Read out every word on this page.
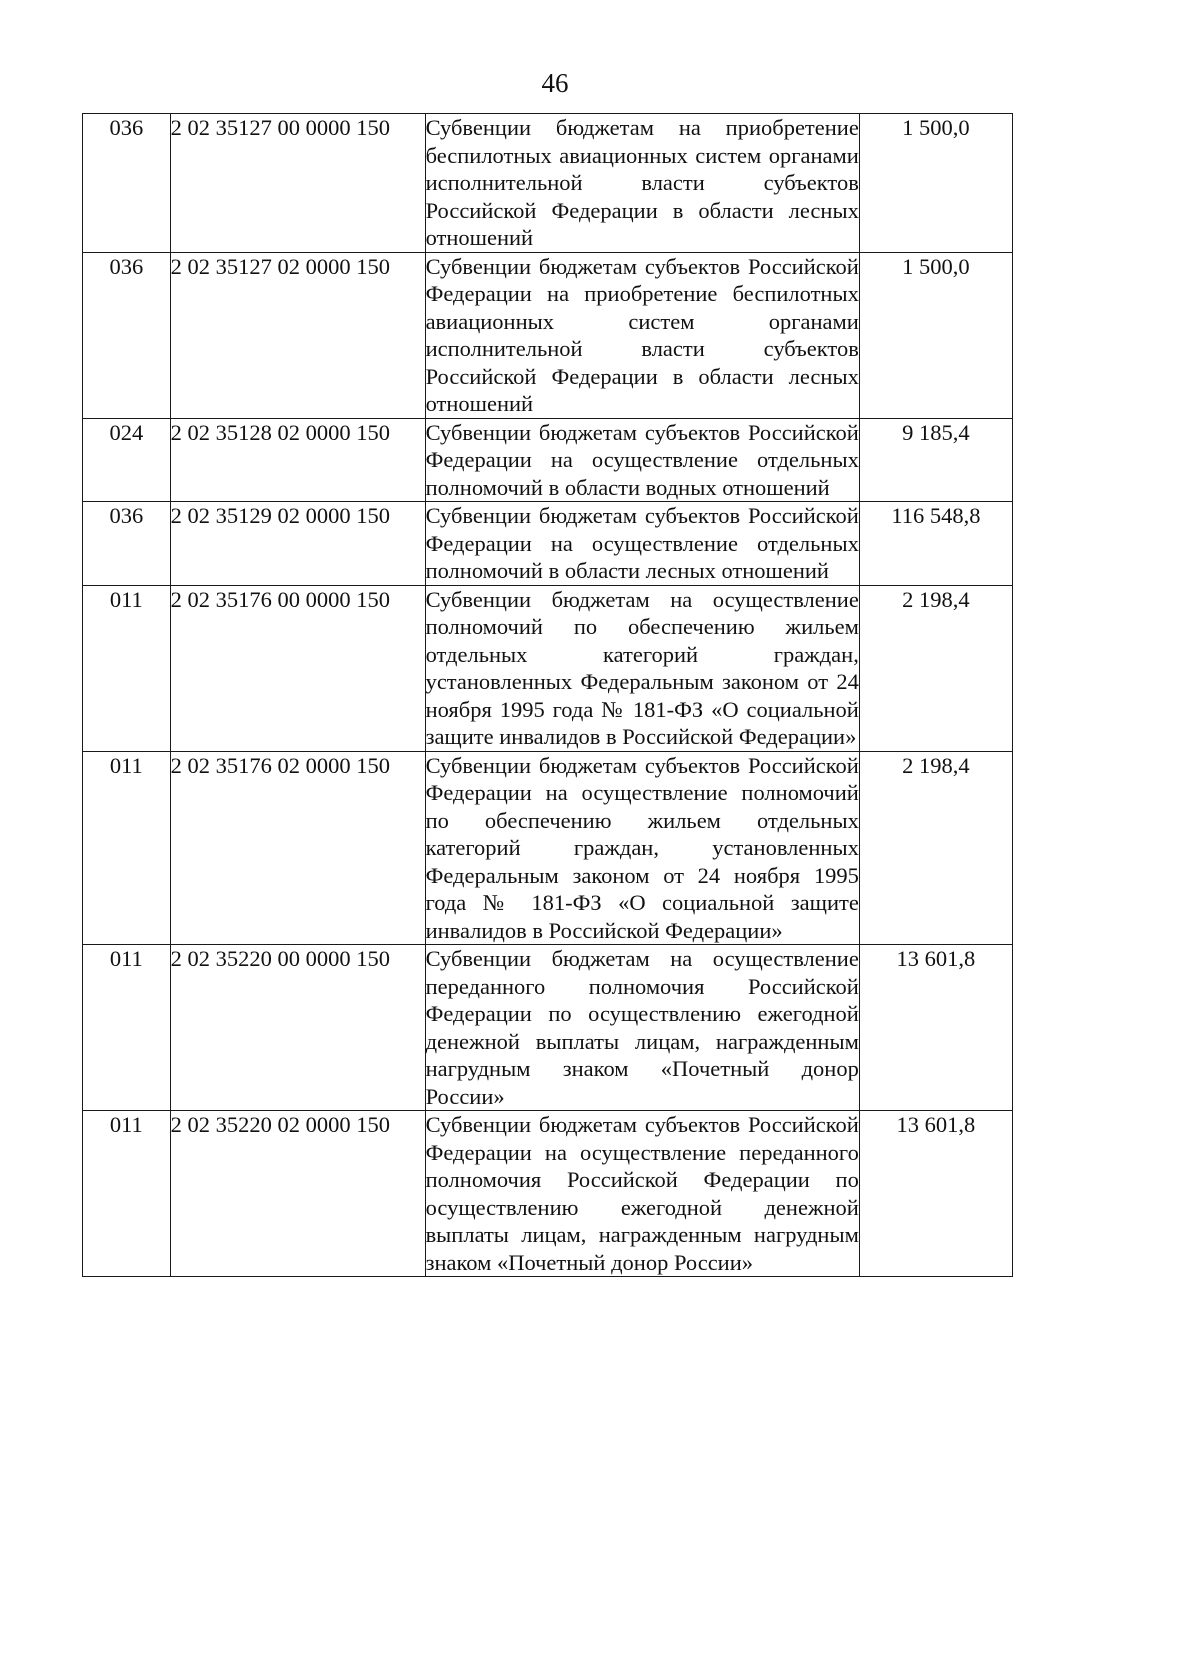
46
036	2 02 35127 00 0000 150	Субвенции бюджетам на приобретение беспилотных авиационных систем органами исполнительной власти субъектов Российской Федерации в области лесных отношений	1 500,0
036	2 02 35127 02 0000 150	Субвенции бюджетам субъектов Российской Федерации на приобретение беспилотных авиационных систем органами исполнительной власти субъектов Российской Федерации в области лесных отношений	1 500,0
024	2 02 35128 02 0000 150	Субвенции бюджетам субъектов Российской Федерации на осуществление отдельных полномочий в области водных отношений	9 185,4
036	2 02 35129 02 0000 150	Субвенции бюджетам субъектов Российской Федерации на осуществление отдельных полномочий в области лесных отношений	116 548,8
011	2 02 35176 00 0000 150	Субвенции бюджетам на осуществление полномочий по обеспечению жильем отдельных категорий граждан, установленных Федеральным законом от 24 ноября 1995 года № 181-ФЗ «О социальной защите инвалидов в Российской Федерации»	2 198,4
011	2 02 35176 02 0000 150	Субвенции бюджетам субъектов Российской Федерации на осуществление полномочий по обеспечению жильем отдельных категорий граждан, установленных Федеральным законом от 24 ноября 1995 года № 181-ФЗ «О социальной защите инвалидов в Российской Федерации»	2 198,4
011	2 02 35220 00 0000 150	Субвенции бюджетам на осуществление переданного полномочия Российской Федерации по осуществлению ежегодной денежной выплаты лицам, награжденным нагрудным знаком «Почетный донор России»	13 601,8
011	2 02 35220 02 0000 150	Субвенции бюджетам субъектов Российской Федерации на осуществление переданного полномочия Российской Федерации по осуществлению ежегодной денежной выплаты лицам, награжденным нагрудным знаком «Почетный донор России»	13 601,8
